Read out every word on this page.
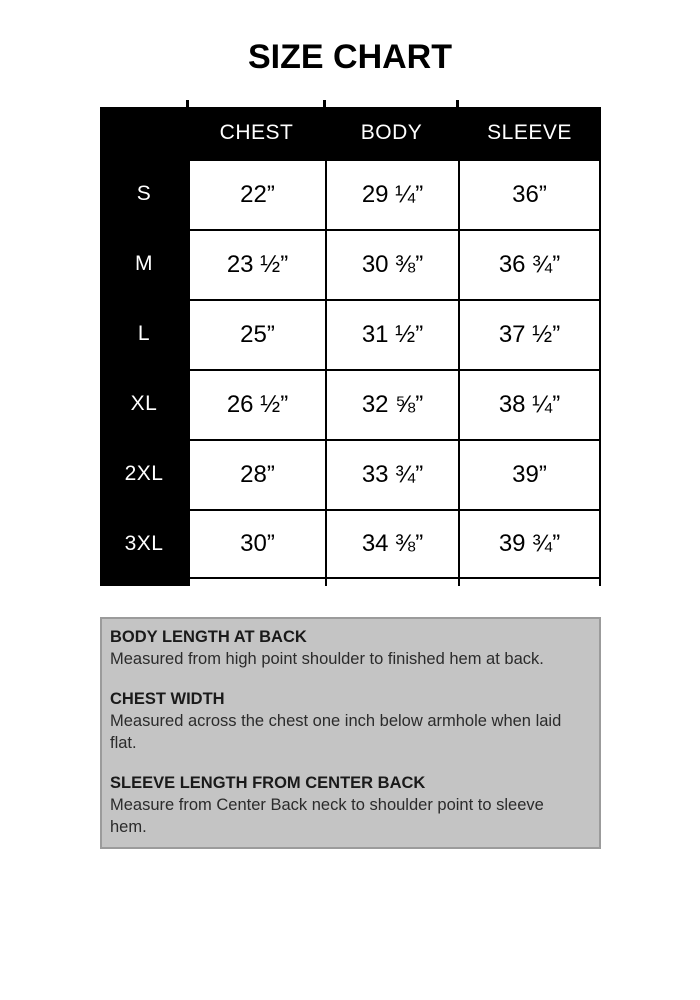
SIZE CHART
CHEST	BODY	SLEEVE
S	22”	29 ¼”	36”
M	23 ½”	30 ⅜”	36 ¾”
L	25”	31 ½”	37 ½”
XL	26 ½”	32 ⅝”	38 ¼”
2XL	28”	33 ¾”	39”
3XL	30”	34 ⅜”	39 ¾”
BODY LENGTH AT BACK
Measured from high point shoulder to finished hem at back.
CHEST WIDTH
Measured across the chest one inch below armhole when laid
flat.
SLEEVE LENGTH FROM CENTER BACK
Measure from Center Back neck to shoulder point to sleeve
hem.
